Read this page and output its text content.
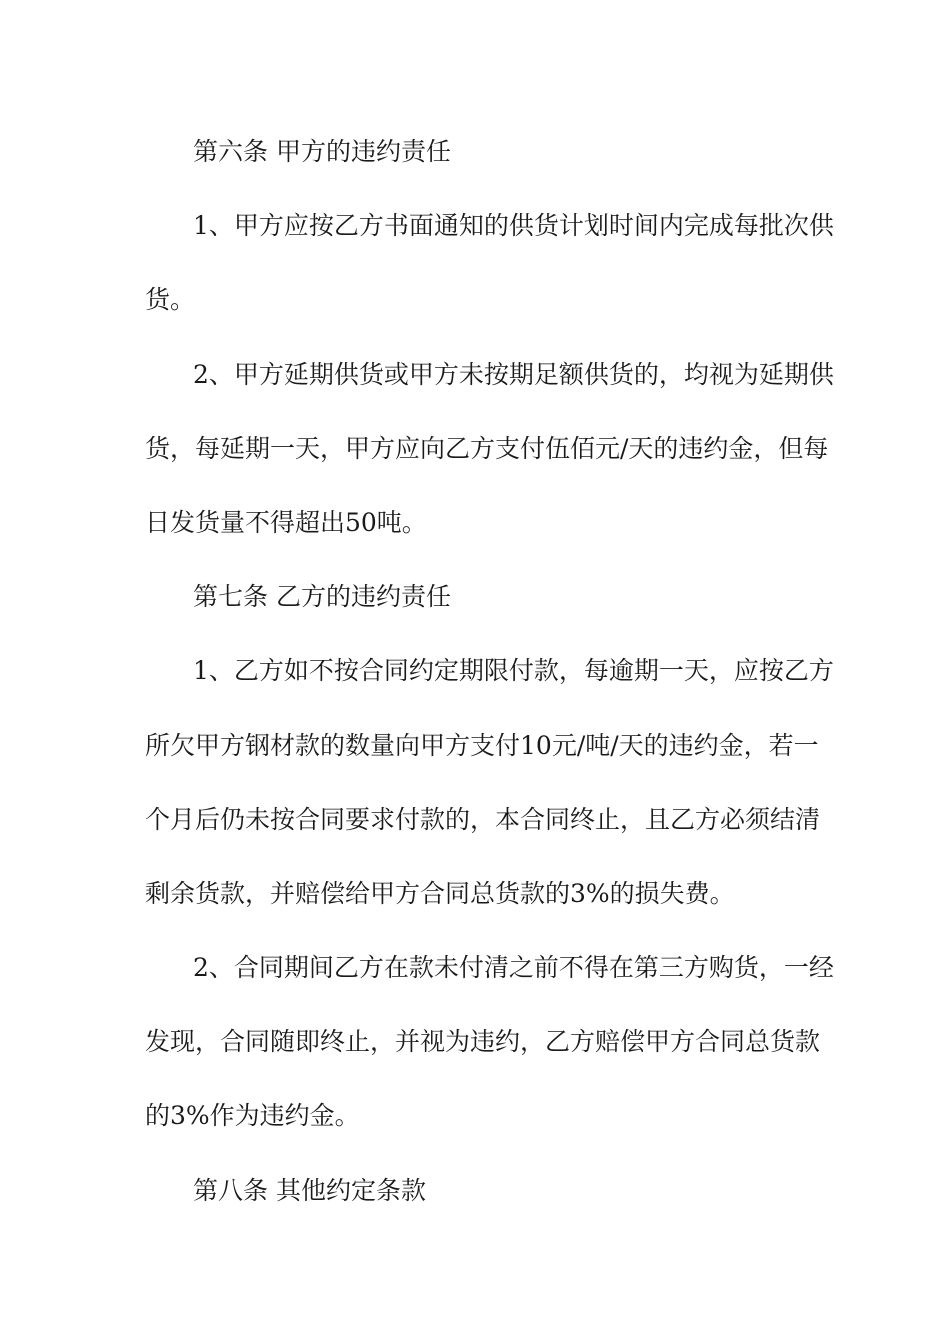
第六条 甲方的违约责任
1、甲方应按乙方书面通知的供货计划时间内完成每批次供
货。
2、甲方延期供货或甲方未按期足额供货的，均视为延期供
货，每延期一天，甲方应向乙方支付伍佰元/天的违约金，但每
日发货量不得超出50吨。
第七条 乙方的违约责任
1、乙方如不按合同约定期限付款，每逾期一天，应按乙方
所欠甲方钢材款的数量向甲方支付10元/吨/天的违约金，若一
个月后仍未按合同要求付款的，本合同终止，且乙方必须结清
剩余货款，并赔偿给甲方合同总货款的3%的损失费。
2、合同期间乙方在款未付清之前不得在第三方购货，一经
发现，合同随即终止，并视为违约，乙方赔偿甲方合同总货款
的3%作为违约金。
第八条 其他约定条款
